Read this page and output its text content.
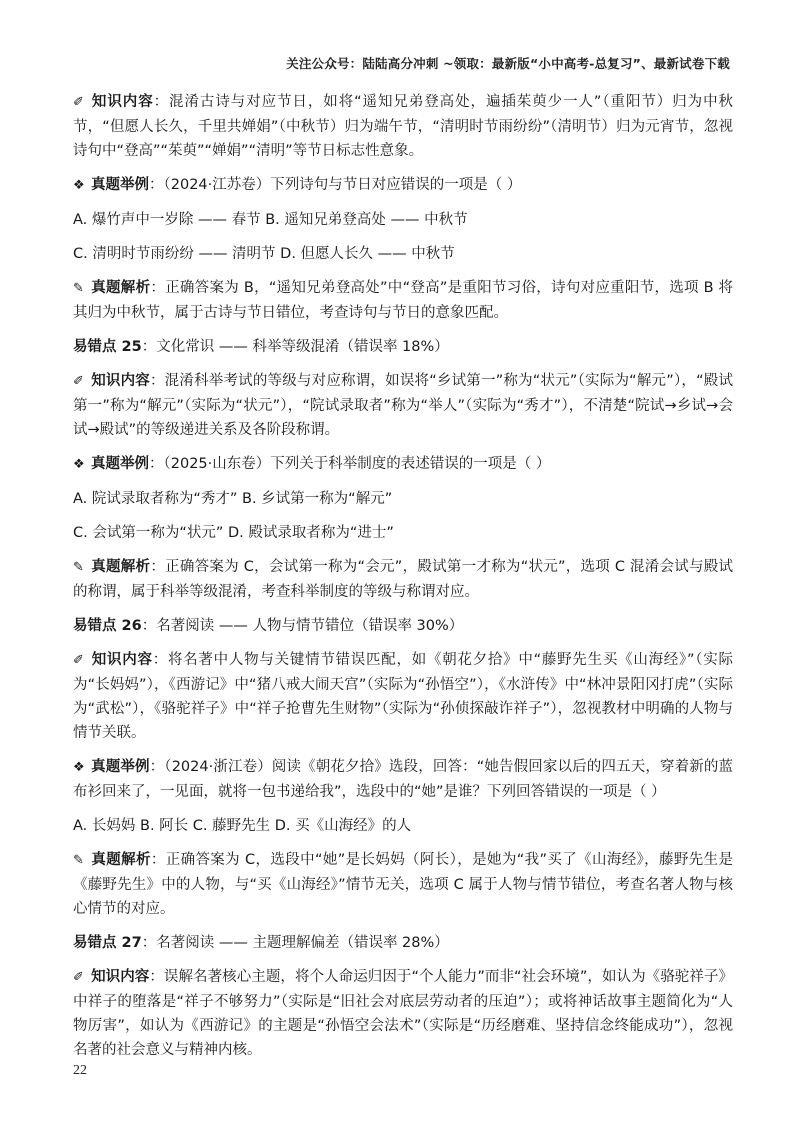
关注公众号：陆陆高分冲刺 ~领取：最新版“小中高考-总复习”、最新试卷下载

✐ 知识内容：混淆古诗与对应节日，如将“遥知兄弟登高处，遍插茱萸少一人”（重阳节）归为中秋节，“但愿人长久，千里共婵娟”（中秋节）归为端午节，“清明时节雨纷纷”（清明节）归为元宵节，忽视诗句中“登高”“茱萸”“婵娟”“清明”等节日标志性意象。

❖ 真题举例：（2024·江苏卷）下列诗句与节日对应错误的一项是（ ）

A. 爆竹声中一岁除 —— 春节 B. 遥知兄弟登高处 —— 中秋节

C. 清明时节雨纷纷 —— 清明节 D. 但愿人长久 —— 中秋节

✎ 真题解析：正确答案为 B，“遥知兄弟登高处”中“登高”是重阳节习俗，诗句对应重阳节，选项 B 将其归为中秋节，属于古诗与节日错位，考查诗句与节日的意象匹配。

易错点 25：文化常识 —— 科举等级混淆（错误率 18%）

✐ 知识内容：混淆科举考试的等级与对应称谓，如误将“乡试第一”称为“状元”（实际为“解元”），“殿试第一”称为“解元”（实际为“状元”），“院试录取者”称为“举人”（实际为“秀才”），不清楚“院试→乡试→会试→殿试”的等级递进关系及各阶段称谓。

❖ 真题举例：（2025·山东卷）下列关于科举制度的表述错误的一项是（ ）

A. 院试录取者称为“秀才” B. 乡试第一称为“解元”

C. 会试第一称为“状元” D. 殿试录取者称为“进士”

✎ 真题解析：正确答案为 C，会试第一称为“会元”，殿试第一才称为“状元”，选项 C 混淆会试与殿试的称谓，属于科举等级混淆，考查科举制度的等级与称谓对应。

易错点 26：名著阅读 —— 人物与情节错位（错误率 30%）

✐ 知识内容：将名著中人物与关键情节错误匹配，如《朝花夕拾》中“藤野先生买《山海经》”（实际为“长妈妈”），《西游记》中“猪八戒大闹天宫”（实际为“孙悟空”），《水浒传》中“林冲景阳冈打虎”（实际为“武松”），《骆驼祥子》中“祥子抢曹先生财物”（实际为“孙侦探敲诈祥子”），忽视教材中明确的人物与情节关联。

❖ 真题举例：（2024·浙江卷）阅读《朝花夕拾》选段，回答：“她告假回家以后的四五天，穿着新的蓝布衫回来了，一见面，就将一包书递给我”，选段中的“她”是谁？下列回答错误的一项是（ ）

A. 长妈妈 B. 阿长 C. 藤野先生 D. 买《山海经》的人

✎ 真题解析：正确答案为 C，选段中“她”是长妈妈（阿长），是她为“我”买了《山海经》，藤野先生是《藤野先生》中的人物，与“买《山海经》”情节无关，选项 C 属于人物与情节错位，考查名著人物与核心情节的对应。

易错点 27：名著阅读 —— 主题理解偏差（错误率 28%）

✐ 知识内容：误解名著核心主题，将个人命运归因于“个人能力”而非“社会环境”，如认为《骆驼祥子》中祥子的堕落是“祥子不够努力”（实际是“旧社会对底层劳动者的压迫”）；或将神话故事主题简化为“人物厉害”，如认为《西游记》的主题是“孙悟空会法术”（实际是“历经磨难、坚持信念终能成功”），忽视名著的社会意义与精神内核。

22
